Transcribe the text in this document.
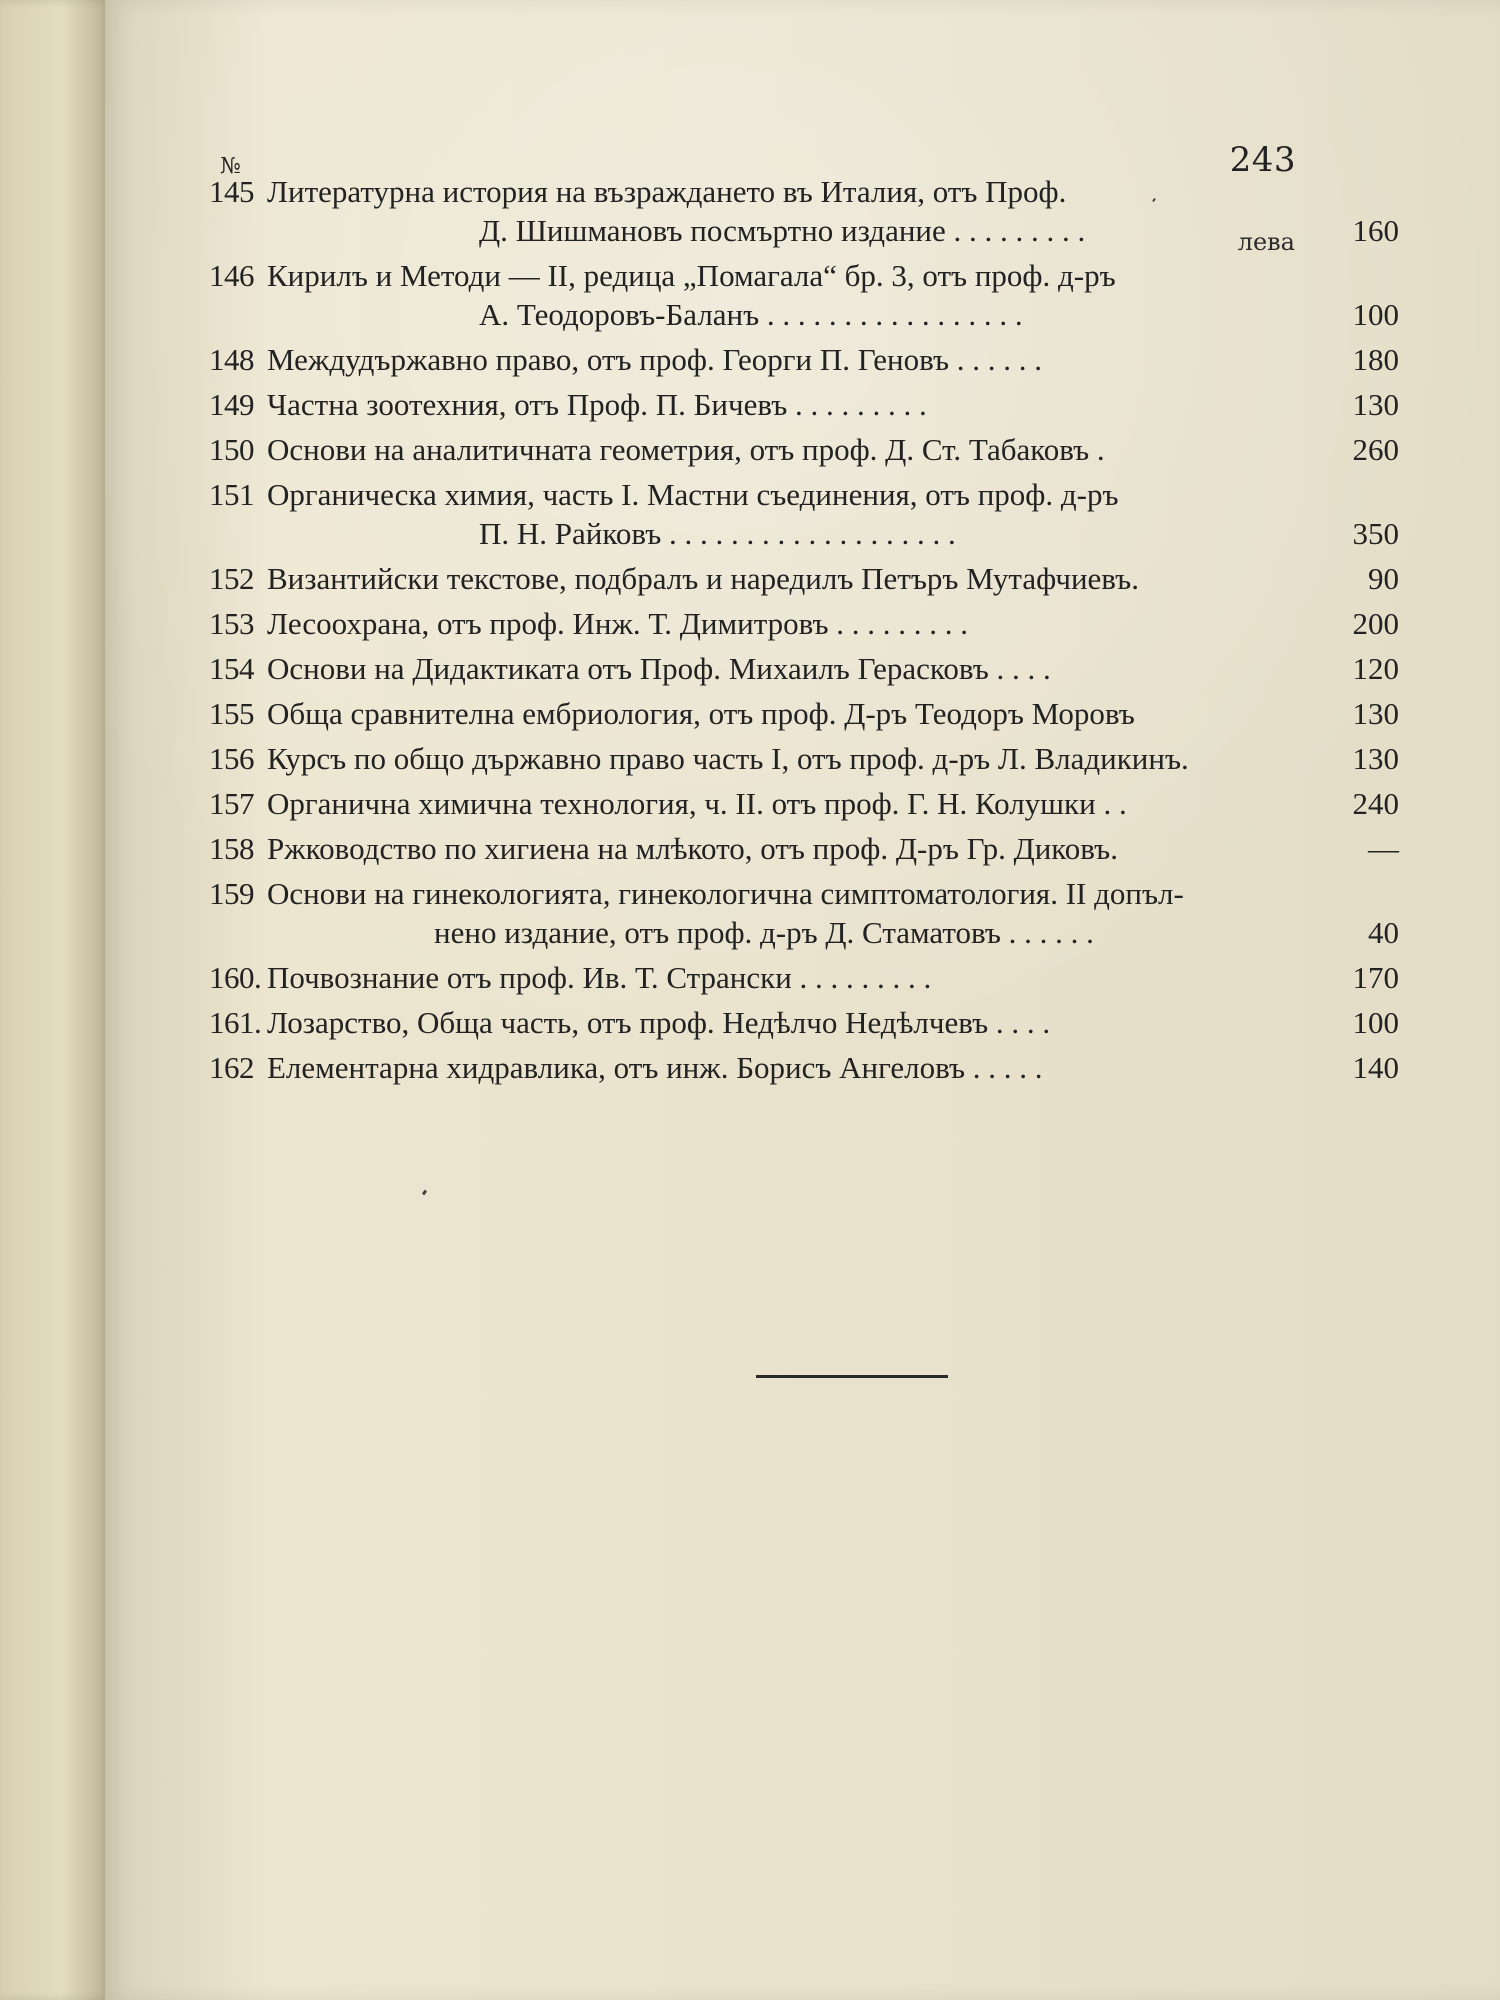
243
№
лева
145 Литературна история на възраждането въ Италия, отъ Проф.
Д. Шишмановъ посмъртно издание . . . . . . . . .	160
146 Кирилъ и Методи — II, редица „Помагала“ бр. 3, отъ проф. д-ръ
А. Теодоровъ-Баланъ . . . . . . . . . . . . . . . . .	100
148 Междудържавно право, отъ проф. Георги П. Геновъ . . . . . .	180
149 Частна зоотехния, отъ Проф. П. Бичевъ . . . . . . . . .	130
150 Основи на аналитичната геометрия, отъ проф. Д. Ст. Табаковъ .	260
151 Органическа химия, часть I. Мастни съединения, отъ проф. д-ръ
П. Н. Райковъ . . . . . . . . . . . . . . . . . . .	350
152 Византийски текстове, подбралъ и наредилъ Петъръ Мутафчиевъ.	90
153 Лесоохрана, отъ проф. Инж. Т. Димитровъ . . . . . . . . .	200
154 Основи на Дидактиката отъ Проф. Михаилъ Герасковъ . . . .	120
155 Обща сравнителна ембриология, отъ проф. Д-ръ Теодоръ Моровъ	130
156 Курсъ по общо държавно право часть I, отъ проф. д-ръ Л. Владикинъ.	130
157 Органична химична технология, ч. II. отъ проф. Г. Н. Колушки . .	240
158 Ржководство по хигиена на млѣкото, отъ проф. Д-ръ Гр. Диковъ.	—
159 Основи на гинекологията, гинекологична симптоматология. II допъл-
нено издание, отъ проф. д-ръ Д. Стаматовъ . . . . . .	40
160. Почвознание отъ проф. Ив. Т. Странски . . . . . . . . .	170
161. Лозарство, Обща часть, отъ проф. Недѣлчо Недѣлчевъ . . . .	100
162 Елементарна хидравлика, отъ инж. Борисъ Ангеловъ . . . . .	140
